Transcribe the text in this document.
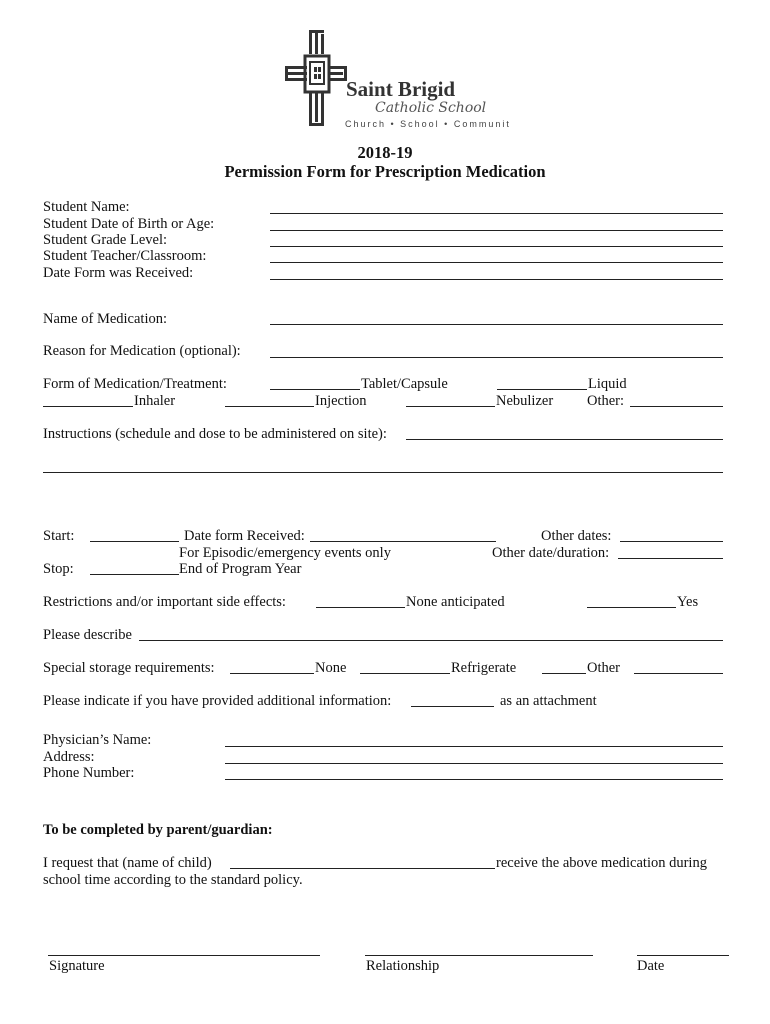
Saint Brigid
Catholic School
Church • School • Communit
2018-19
Permission Form for Prescription Medication
Student Name:
Student Date of Birth or Age:
Student Grade Level:
Student Teacher/Classroom:
Date Form was Received:
Name of Medication:
Reason for Medication (optional):
Form of Medication/Treatment:	Tablet/Capsule	Liquid
Inhaler	Injection	Nebulizer Other:
Instructions (schedule and dose to be administered on site):
Start:	Date form Received:	Other dates:
For Episodic/emergency events only	Other date/duration:
Stop:	End of Program Year
Restrictions and/or important side effects:	None anticipated	Yes
Please describe
Special storage requirements:	None	Refrigerate	Other
Please indicate if you have provided additional information:	as an attachment
Physician’s Name:
Address:
Phone Number:
To be completed by parent/guardian:
I request that (name of child)	receive the above medication during
school time according to the standard policy.
Signature	Relationship	Date
